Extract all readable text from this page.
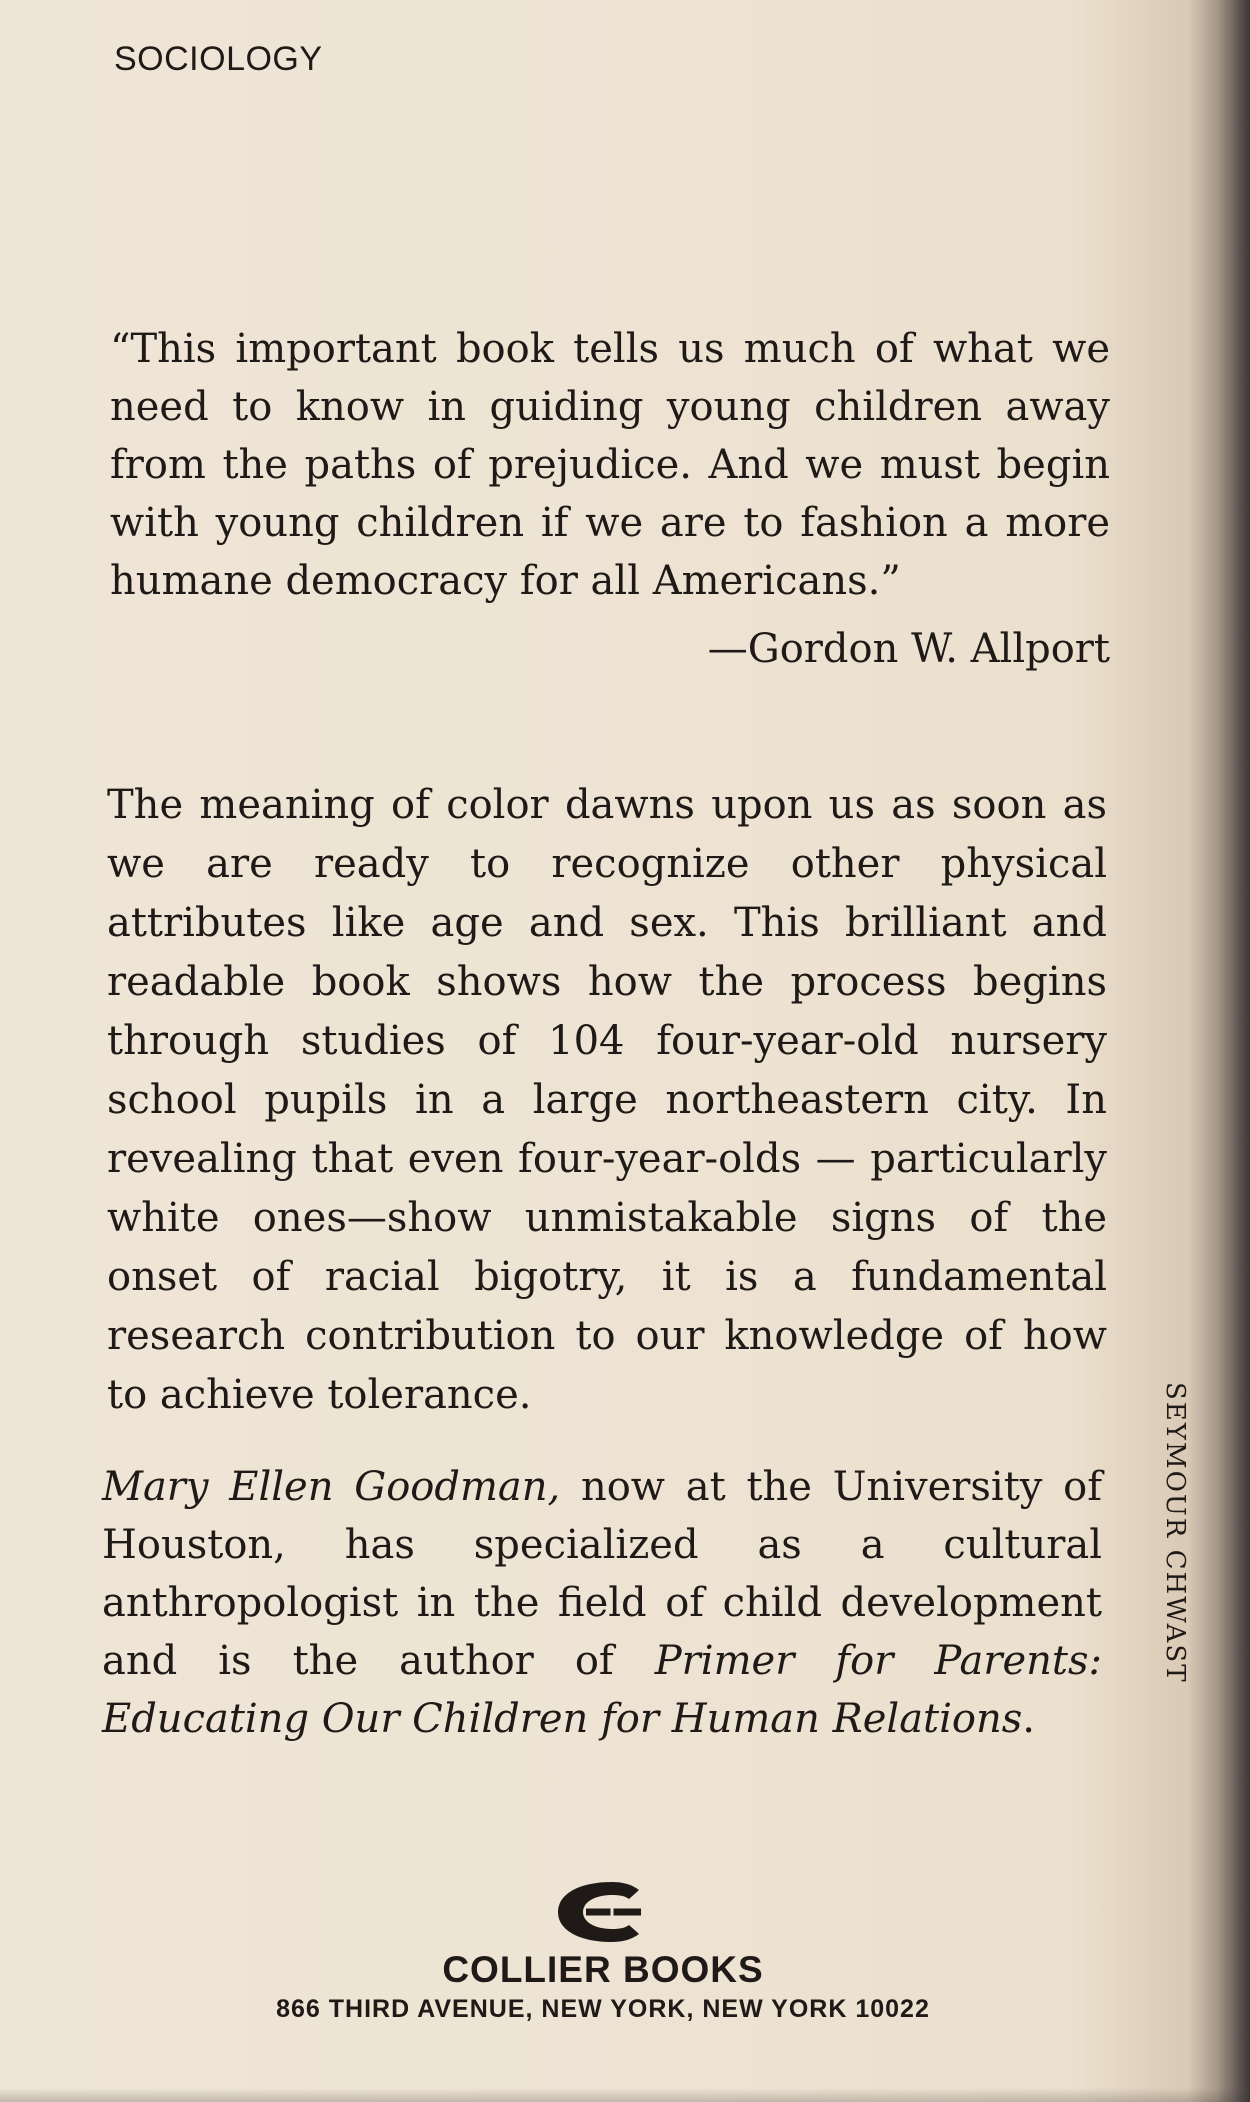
SOCIOLOGY
“This important book tells us much of what we need to know in guiding young children away from the paths of prejudice. And we must begin with young children if we are to fashion a more humane democracy for all Americans.”
—Gordon W. Allport
The meaning of color dawns upon us as soon as we are ready to recognize other physical attributes like age and sex. This brilliant and readable book shows how the process begins through studies of 104 four-year-old nursery school pupils in a large northeastern city. In revealing that even four-year-olds — particularly white ones—show unmistakable signs of the onset of racial bigotry, it is a fundamental research contribution to our knowledge of how to achieve tolerance.
Mary Ellen Goodman, now at the University of Houston, has specialized as a cultural anthropologist in the field of child development and is the author of Primer for Parents: Educating Our Children for Human Relations.
SEYMOUR CHWAST
COLLIER BOOKS
866 THIRD AVENUE, NEW YORK, NEW YORK 10022
